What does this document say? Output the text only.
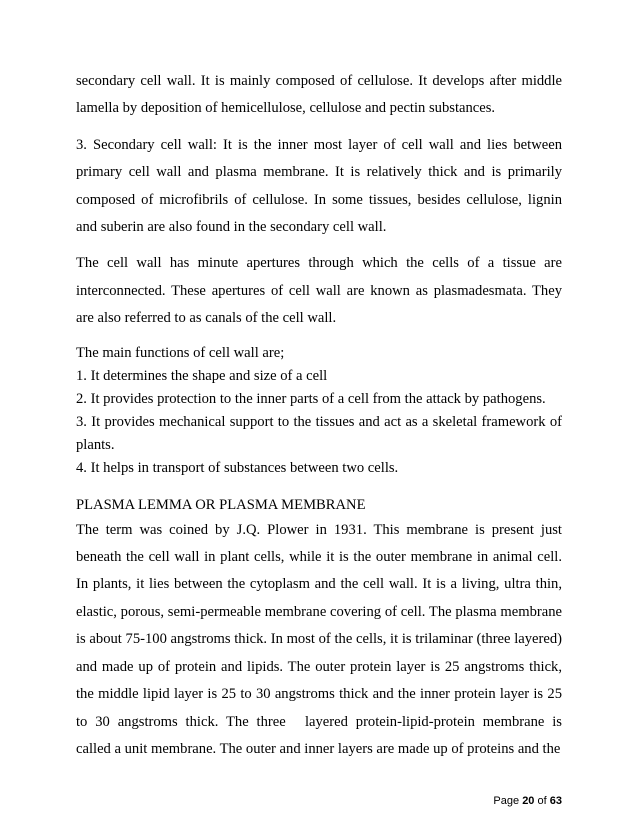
secondary cell wall. It is mainly composed of cellulose. It develops after middle lamella by deposition of hemicellulose, cellulose and pectin substances.

3. Secondary cell wall: It is the inner most layer of cell wall and lies between primary cell wall and plasma membrane. It is relatively thick and is primarily composed of microfibrils of cellulose. In some tissues, besides cellulose, lignin and suberin are also found in the secondary cell wall.

The cell wall has minute apertures through which the cells of a tissue are interconnected. These apertures of cell wall are known as plasmadesmata. They are also referred to as canals of the cell wall.

The main functions of cell wall are;

1. It determines the shape and size of a cell

2. It provides protection to the inner parts of a cell from the attack by pathogens.

3. It provides mechanical support to the tissues and act as a skeletal framework of plants.

4. It helps in transport of substances between two cells.

PLASMA LEMMA OR PLASMA MEMBRANE

The term was coined by J.Q. Plower in 1931. This membrane is present just beneath the cell wall in plant cells, while it is the outer membrane in animal cell. In plants, it lies between the cytoplasm and the cell wall. It is a living, ultra thin, elastic, porous, semi-permeable membrane covering of cell. The plasma membrane is about 75-100 angstroms thick. In most of the cells, it is trilaminar (three layered) and made up of protein and lipids. The outer protein layer is 25 angstroms thick, the middle lipid layer is 25 to 30 angstroms thick and the inner protein layer is 25 to 30 angstroms thick. The three layered protein-lipid-protein membrane is called a unit membrane. The outer and inner layers are made up of proteins and the

Page 20 of 63
